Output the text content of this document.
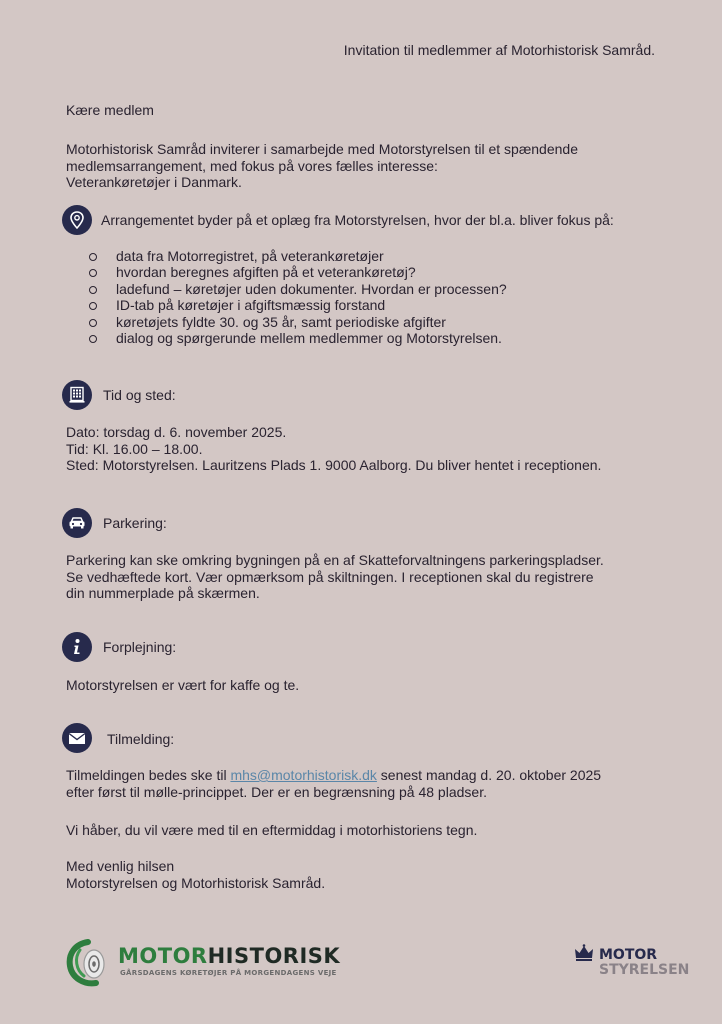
Invitation til medlemmer af Motorhistorisk Samråd.
Kære medlem
Motorhistorisk Samråd inviterer i samarbejde med Motorstyrelsen til et spændende
medlemsarrangement, med fokus på vores fælles interesse:
Veterankøretøjer i Danmark.
Arrangementet byder på et oplæg fra Motorstyrelsen, hvor der bl.a. bliver fokus på:
data fra Motorregistret, på veterankøretøjer
hvordan beregnes afgiften på et veterankøretøj?
ladefund – køretøjer uden dokumenter. Hvordan er processen?
ID-tab på køretøjer i afgiftsmæssig forstand
køretøjets fyldte 30. og 35 år, samt periodiske afgifter
dialog og spørgerunde mellem medlemmer og Motorstyrelsen.
Tid og sted:
Dato: torsdag d. 6. november 2025.
Tid: Kl. 16.00 – 18.00.
Sted: Motorstyrelsen. Lauritzens Plads 1. 9000 Aalborg. Du bliver hentet i receptionen.
Parkering:
Parkering kan ske omkring bygningen på en af Skatteforvaltningens parkeringspladser.
Se vedhæftede kort. Vær opmærksom på skiltningen. I receptionen skal du registrere
din nummerplade på skærmen.
Forplejning:
Motorstyrelsen er vært for kaffe og te.
Tilmelding:
Tilmeldingen bedes ske til mhs@motorhistorisk.dk senest mandag d. 20. oktober 2025
efter først til mølle-princippet. Der er en begrænsning på 48 pladser.
Vi håber, du vil være med til en eftermiddag i motorhistoriens tegn.
Med venlig hilsen
Motorstyrelsen og Motorhistorisk Samråd.
MOTORHISTORISK
GÅRSDAGENS KØRETØJER PÅ MORGENDAGENS VEJE
MOTOR
STYRELSEN
